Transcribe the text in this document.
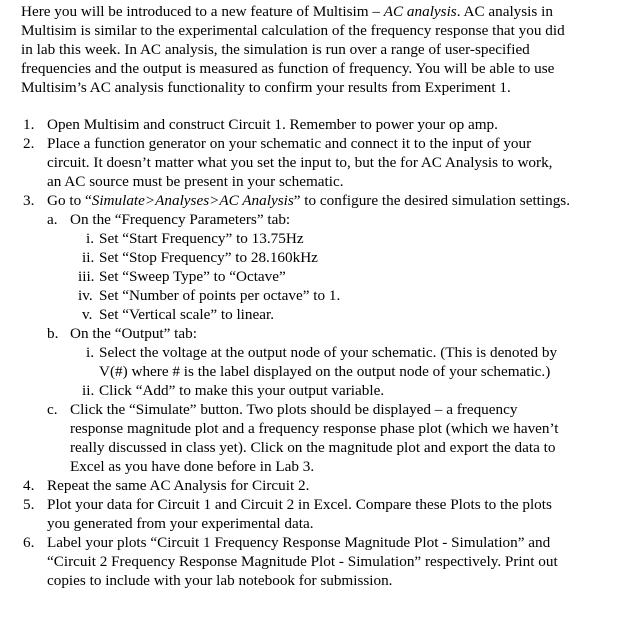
Here you will be introduced to a new feature of Multisim – AC analysis. AC analysis in
Multisim is similar to the experimental calculation of the frequency response that you did
in lab this week. In AC analysis, the simulation is run over a range of user-specified
frequencies and the output is measured as function of frequency. You will be able to use
Multisim’s AC analysis functionality to confirm your results from Experiment 1.
1. Open Multisim and construct Circuit 1. Remember to power your op amp.
2. Place a function generator on your schematic and connect it to the input of your
circuit. It doesn’t matter what you set the input to, but the for AC Analysis to work,
an AC source must be present in your schematic.
3. Go to “Simulate>Analyses>AC Analysis” to configure the desired simulation settings.
a. On the “Frequency Parameters” tab:
i. Set “Start Frequency” to 13.75Hz
ii. Set “Stop Frequency” to 28.160kHz
iii. Set “Sweep Type” to “Octave”
iv. Set “Number of points per octave” to 1.
v. Set “Vertical scale” to linear.
b. On the “Output” tab:
i. Select the voltage at the output node of your schematic. (This is denoted by
V(#) where # is the label displayed on the output node of your schematic.)
ii. Click “Add” to make this your output variable.
c. Click the “Simulate” button. Two plots should be displayed – a frequency
response magnitude plot and a frequency response phase plot (which we haven’t
really discussed in class yet). Click on the magnitude plot and export the data to
Excel as you have done before in Lab 3.
4. Repeat the same AC Analysis for Circuit 2.
5. Plot your data for Circuit 1 and Circuit 2 in Excel. Compare these Plots to the plots
you generated from your experimental data.
6. Label your plots “Circuit 1 Frequency Response Magnitude Plot - Simulation” and
“Circuit 2 Frequency Response Magnitude Plot - Simulation” respectively. Print out
copies to include with your lab notebook for submission.
